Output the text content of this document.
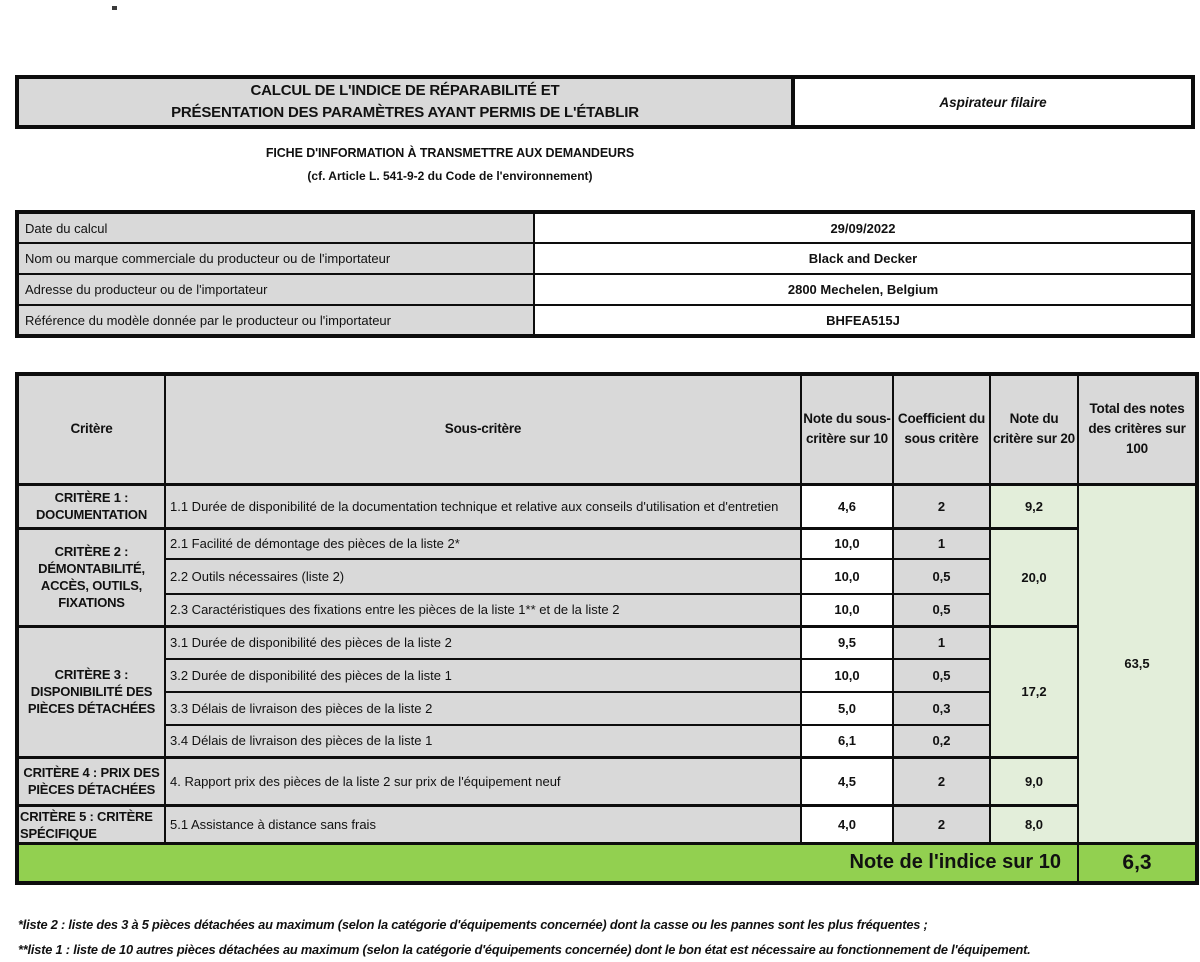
CALCUL DE L'INDICE DE RÉPARABILITÉ ET
PRÉSENTATION DES PARAMÈTRES AYANT PERMIS DE L'ÉTABLIR
Aspirateur filaire
FICHE D'INFORMATION À TRANSMETTRE AUX DEMANDEURS
(cf. Article L. 541-9-2 du Code de l'environnement)
Date du calcul	29/09/2022
Nom ou marque commerciale du producteur ou de l'importateur	Black and Decker
Adresse du producteur ou de l'importateur	2800 Mechelen, Belgium
Référence du modèle donnée par le producteur ou l'importateur	BHFEA515J
Critère	Sous-critère	Note du sous-critère sur 10	Coefficient du sous critère	Note du critère sur 20	Total des notes des critères sur 100
CRITÈRE 1 : DOCUMENTATION	1.1 Durée de disponibilité de la documentation technique et relative aux conseils d'utilisation et d'entretien	4,6	2	9,2	63,5
CRITÈRE 2 : DÉMONTABILITÉ, ACCÈS, OUTILS, FIXATIONS	2.1 Facilité de démontage des pièces de la liste 2*	10,0	1	20,0	
	2.2 Outils nécessaires (liste 2)	10,0	0,5		
	2.3 Caractéristiques des fixations entre les pièces de la liste 1** et de la liste 2	10,0	0,5		
CRITÈRE 3 : DISPONIBILITÉ DES PIÈCES DÉTACHÉES	3.1 Durée de disponibilité des pièces de la liste 2	9,5	1	17,2	
	3.2 Durée de disponibilité des pièces de la liste 1	10,0	0,5		
	3.3 Délais de livraison des pièces de la liste 2	5,0	0,3		
	3.4 Délais de livraison des pièces de la liste 1	6,1	0,2		
CRITÈRE 4 : PRIX DES PIÈCES DÉTACHÉES	4. Rapport prix des pièces de la liste 2 sur prix de l'équipement neuf	4,5	2	9,0	
CRITÈRE 5 : CRITÈRE SPÉCIFIQUE	5.1 Assistance à distance sans frais	4,0	2	8,0	
Note de l'indice sur 10					6,3
*liste 2 : liste des 3 à 5 pièces détachées au maximum (selon la catégorie d'équipements concernée) dont la casse ou les pannes sont les plus fréquentes ;
**liste 1 : liste de 10 autres pièces détachées au maximum (selon la catégorie d'équipements concernée) dont le bon état est nécessaire au fonctionnement de l'équipement.
